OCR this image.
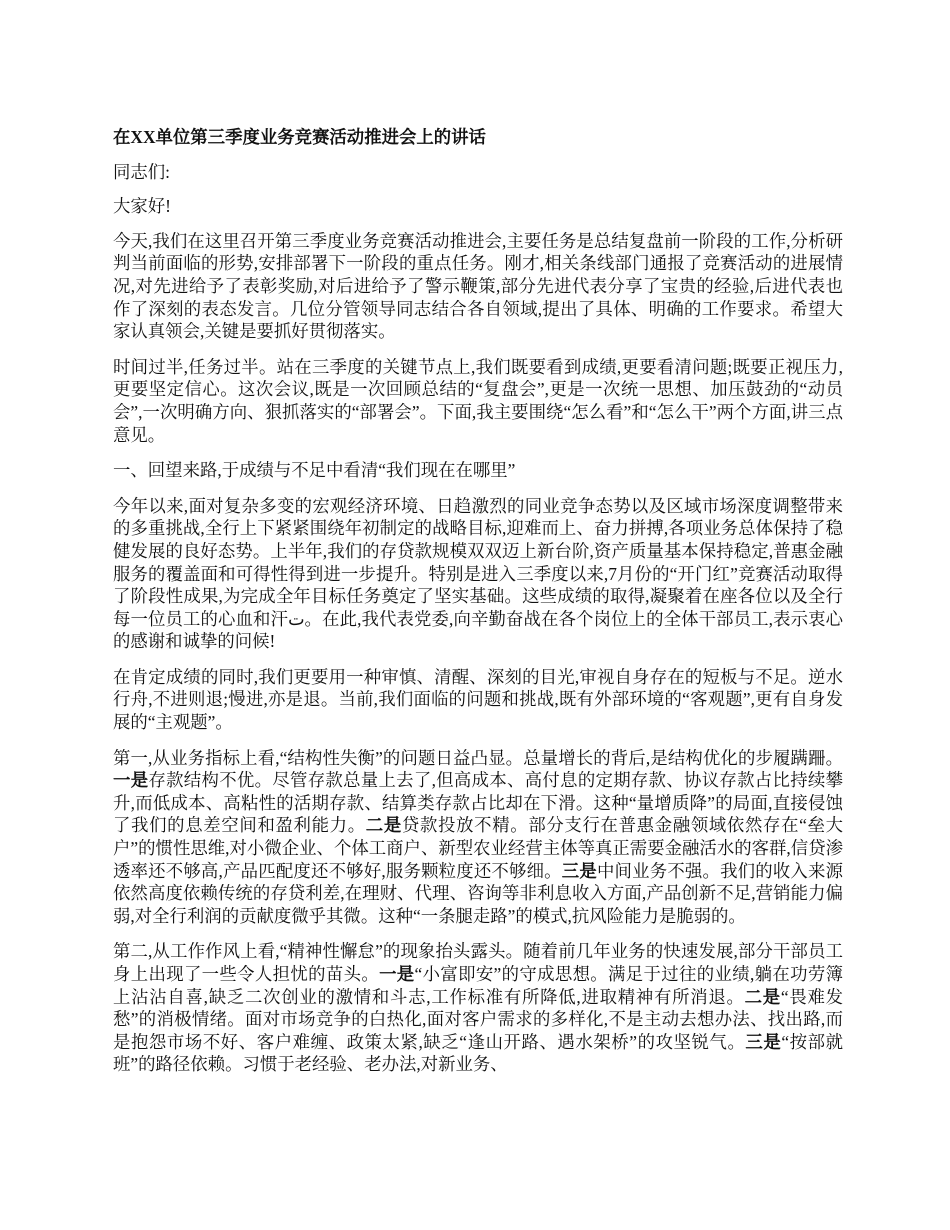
在XX单位第三季度业务竞赛活动推进会上的讲话

同志们:

大家好!

今天,我们在这里召开第三季度业务竞赛活动推进会,主要任务是总结复盘前一阶段的工作,分析研判当前面临的形势,安排部署下一阶段的重点任务。刚才,相关条线部门通报了竞赛活动的进展情况,对先进给予了表彰奖励,对后进给予了警示鞭策,部分先进代表分享了宝贵的经验,后进代表也作了深刻的表态发言。几位分管领导同志结合各自领域,提出了具体、明确的工作要求。希望大家认真领会,关键是要抓好贯彻落实。

时间过半,任务过半。站在三季度的关键节点上,我们既要看到成绩,更要看清问题;既要正视压力,更要坚定信心。这次会议,既是一次回顾总结的“复盘会”,更是一次统一思想、加压鼓劲的“动员会”,一次明确方向、狠抓落实的“部署会”。下面,我主要围绕“怎么看”和“怎么干”两个方面,讲三点意见。

一、回望来路,于成绩与不足中看清“我们现在在哪里”

今年以来,面对复杂多变的宏观经济环境、日趋激烈的同业竞争态势以及区域市场深度调整带来的多重挑战,全行上下紧紧围绕年初制定的战略目标,迎难而上、奋力拼搏,各项业务总体保持了稳健发展的良好态势。上半年,我们的存贷款规模双双迈上新台阶,资产质量基本保持稳定,普惠金融服务的覆盖面和可得性得到进一步提升。特别是进入三季度以来,7月份的“开门红”竞赛活动取得了阶段性成果,为完成全年目标任务奠定了坚实基础。这些成绩的取得,凝聚着在座各位以及全行每一位员工的心血和汗ت。在此,我代表党委,向辛勤奋战在各个岗位上的全体干部员工,表示衷心的感谢和诚挚的问候!

在肯定成绩的同时,我们更要用一种审慎、清醒、深刻的目光,审视自身存在的短板与不足。逆水行舟,不进则退;慢进,亦是退。当前,我们面临的问题和挑战,既有外部环境的“客观题”,更有自身发展的“主观题”。

第一,从业务指标上看,“结构性失衡”的问题日益凸显。总量增长的背后,是结构优化的步履蹒跚。一是存款结构不优。尽管存款总量上去了,但高成本、高付息的定期存款、协议存款占比持续攀升,而低成本、高粘性的活期存款、结算类存款占比却在下滑。这种“量增质降”的局面,直接侵蚀了我们的息差空间和盈利能力。二是贷款投放不精。部分支行在普惠金融领域依然存在“垒大户”的惯性思维,对小微企业、个体工商户、新型农业经营主体等真正需要金融活水的客群,信贷渗透率还不够高,产品匹配度还不够好,服务颗粒度还不够细。三是中间业务不强。我们的收入来源依然高度依赖传统的存贷利差,在理财、代理、咨询等非利息收入方面,产品创新不足,营销能力偏弱,对全行利润的贡献度微乎其微。这种“一条腿走路”的模式,抗风险能力是脆弱的。

第二,从工作作风上看,“精神性懈怠”的现象抬头露头。随着前几年业务的快速发展,部分干部员工身上出现了一些令人担忧的苗头。一是“小富即安”的守成思想。满足于过往的业绩,躺在功劳簿上沾沾自喜,缺乏二次创业的激情和斗志,工作标准有所降低,进取精神有所消退。二是“畏难发愁”的消极情绪。面对市场竞争的白热化,面对客户需求的多样化,不是主动去想办法、找出路,而是抱怨市场不好、客户难缠、政策太紧,缺乏“逢山开路、遇水架桥”的攻坚锐气。三是“按部就班”的路径依赖。习惯于老经验、老办法,对新业务、
